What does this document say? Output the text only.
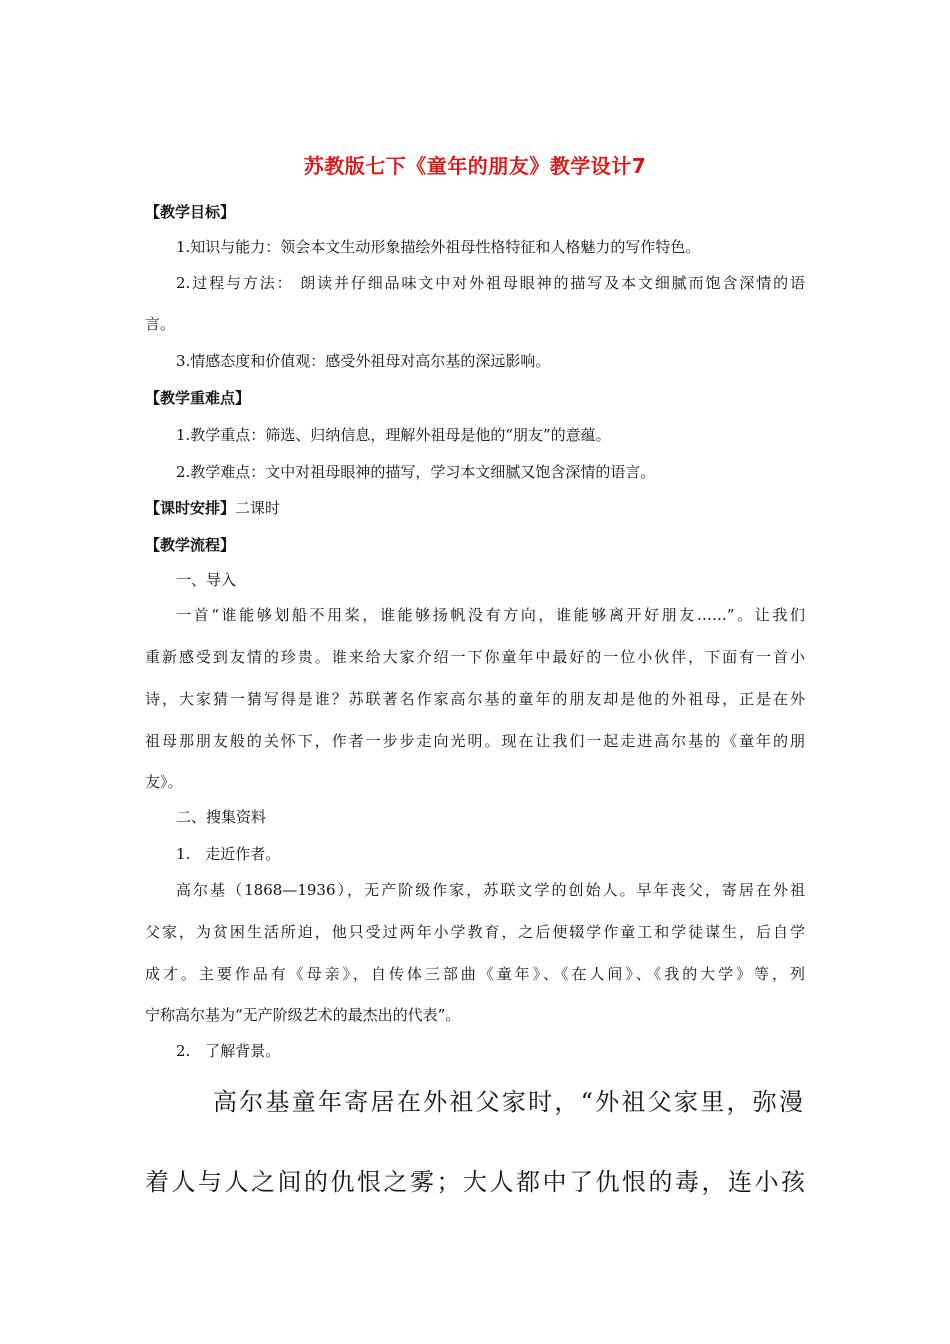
苏教版七下《童年的朋友》教学设计7
【教学目标】
1.知识与能力：领会本文生动形象描绘外祖母性格特征和人格魅力的写作特色。
2.过程与方法： 朗读并仔细品味文中对外祖母眼神的描写及本文细腻而饱含深情的语
言。
3.情感态度和价值观：感受外祖母对高尔基的深远影响。
【教学重难点】
1.教学重点：筛选、归纳信息，理解外祖母是他的“朋友”的意蕴。
2.教学难点：文中对祖母眼神的描写，学习本文细腻又饱含深情的语言。
【课时安排】二课时
【教学流程】
一、导入
一首“谁能够划船不用桨，谁能够扬帆没有方向，谁能够离开好朋友……”。让我们
重新感受到友情的珍贵。谁来给大家介绍一下你童年中最好的一位小伙伴，下面有一首小
诗，大家猜一猜写得是谁？苏联著名作家高尔基的童年的朋友却是他的外祖母，正是在外
祖母那朋友般的关怀下，作者一步步走向光明。现在让我们一起走进高尔基的《童年的朋
友》。
二、搜集资料
1.　走近作者。
高尔基（1868—1936），无产阶级作家，苏联文学的创始人。早年丧父，寄居在外祖
父家，为贫困生活所迫，他只受过两年小学教育，之后便辍学作童工和学徒谋生，后自学
成才。主要作品有《母亲》，自传体三部曲《童年》、《在人间》、《我的大学》等，列
宁称高尔基为“无产阶级艺术的最杰出的代表”。
2.　了解背景。
高尔基童年寄居在外祖父家时，“外祖父家里，弥漫
着人与人之间的仇恨之雾；大人都中了仇恨的毒，连小孩
